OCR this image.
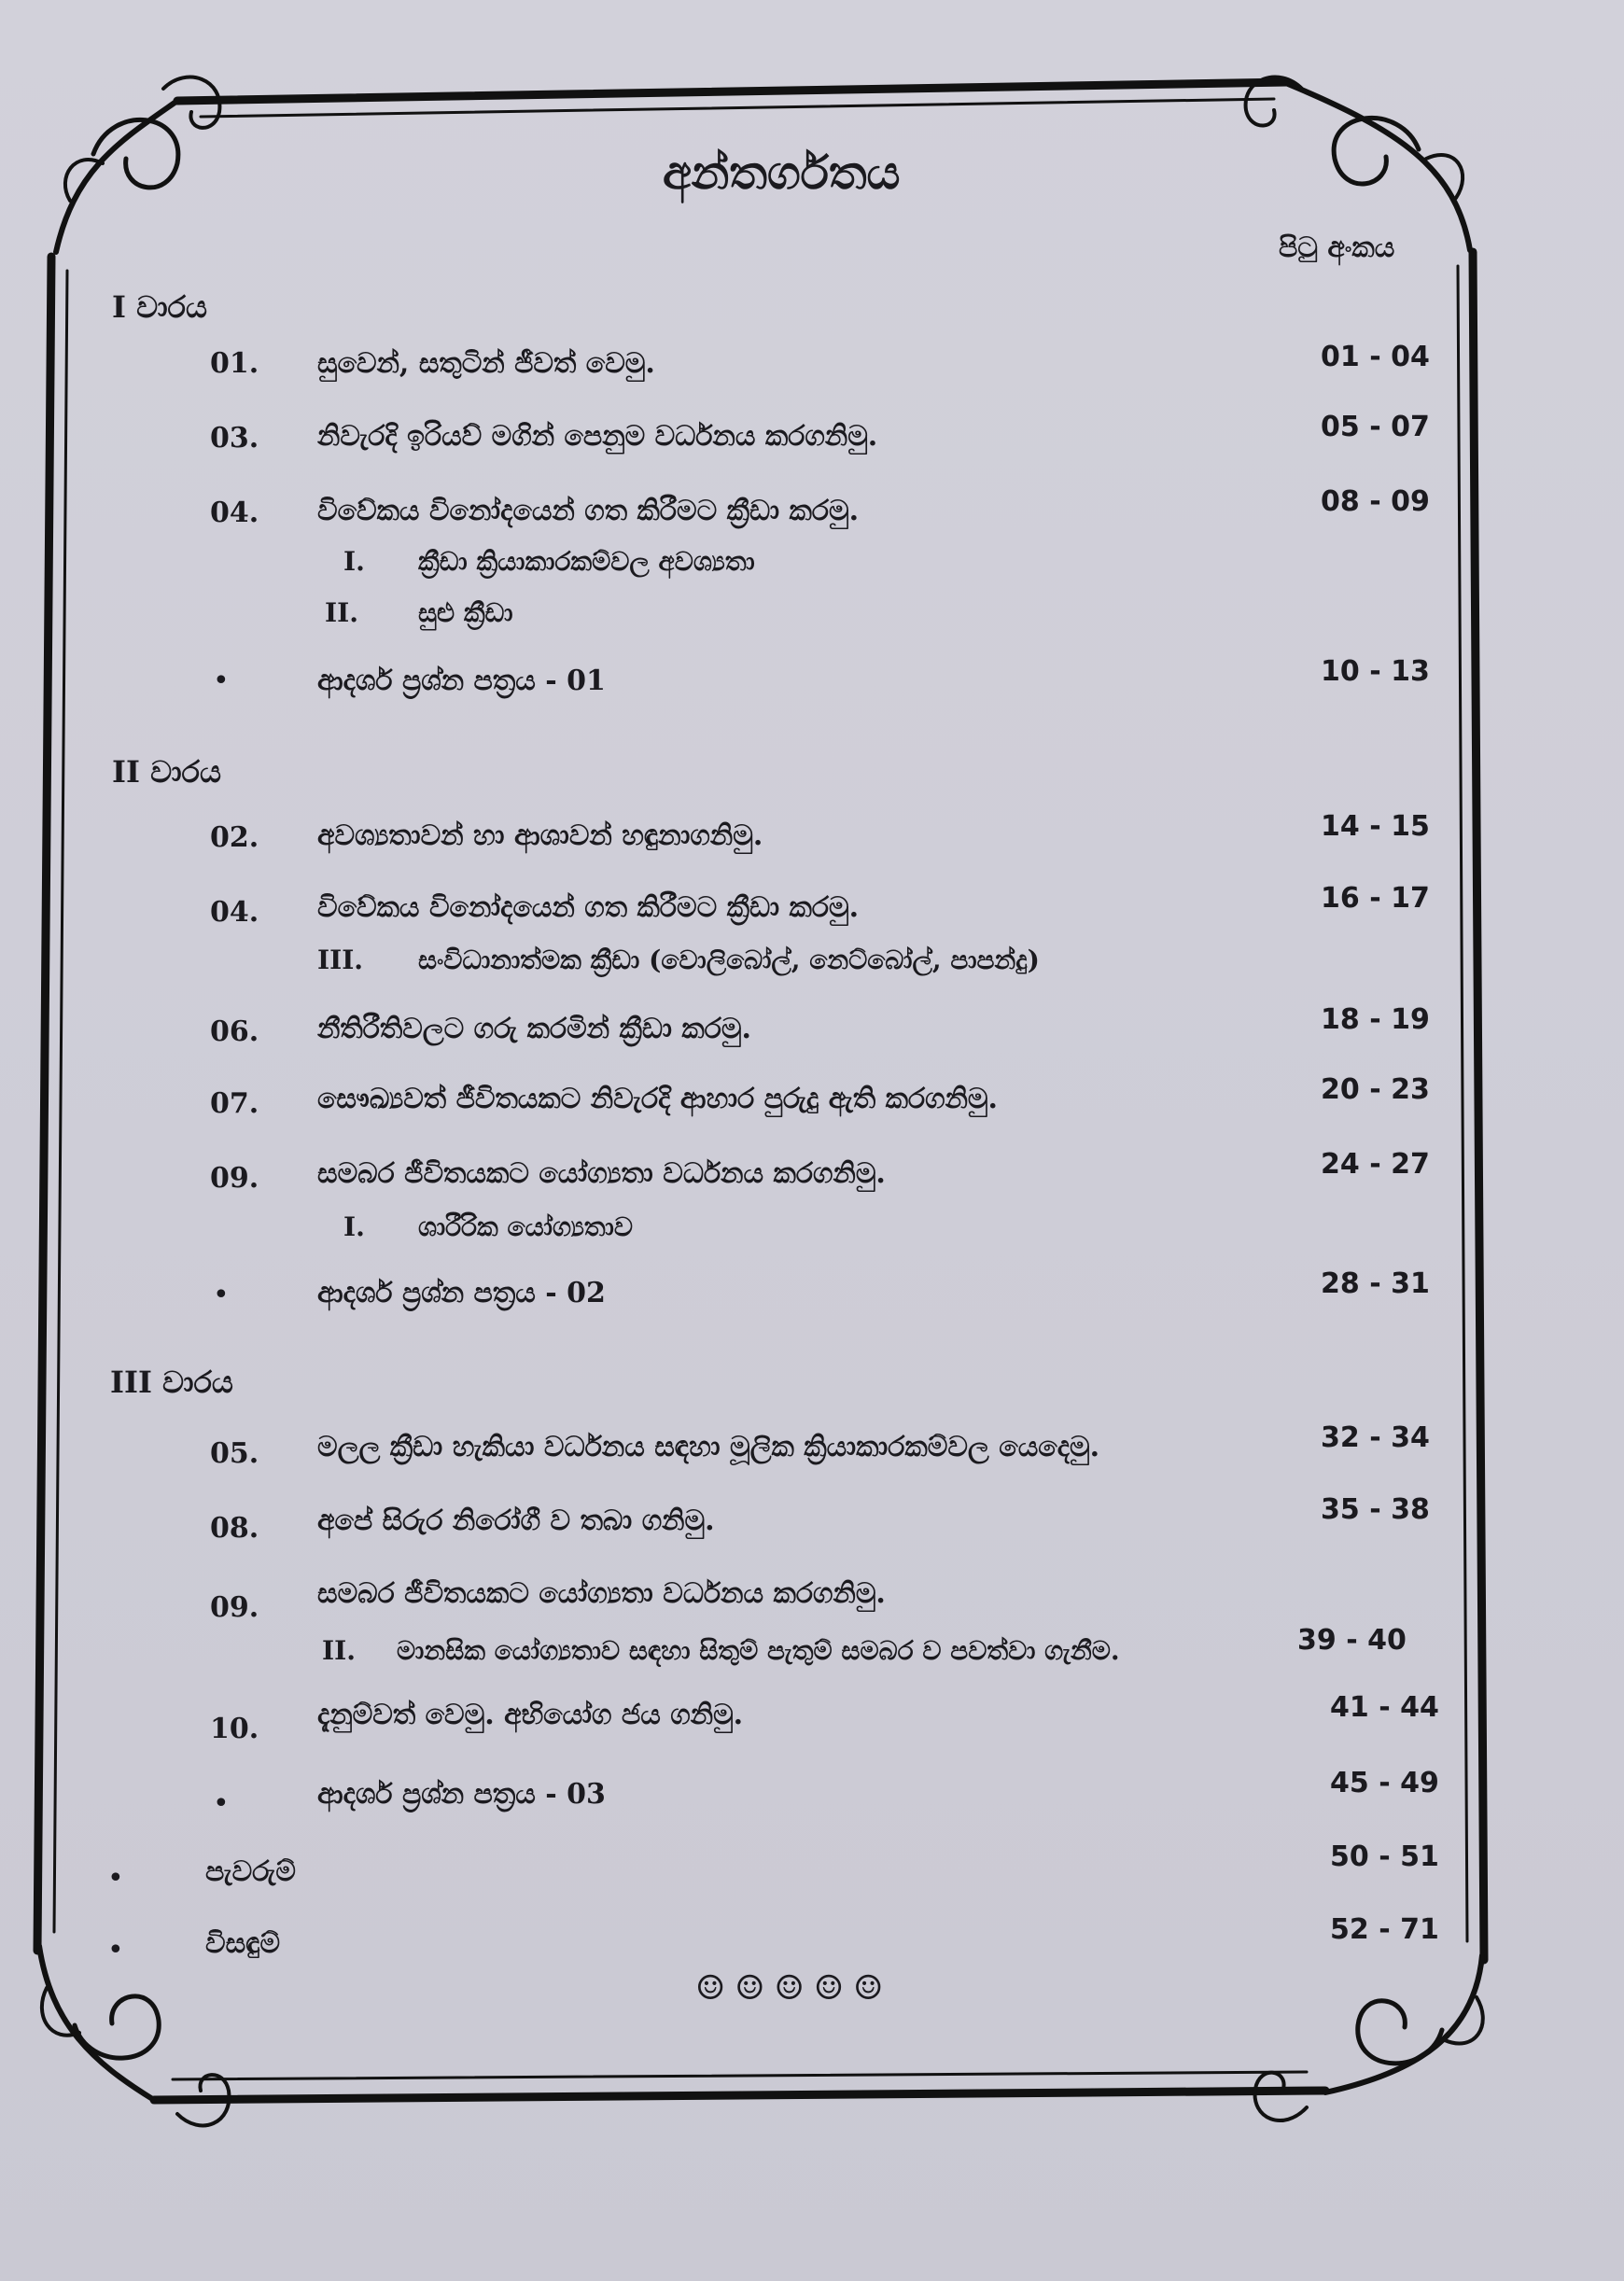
අන්තර්ගතය
පිටු අංකය
I වාරය
01. සුවෙන්, සතුටින් ජීවත් වෙමු.	01 - 04
03. නිවැරදි ඉරියව් මගින් පෙනුම වර්ධනය කරගනිමු.	05 - 07
04. විවේකය විනෝදයෙන් ගත කිරීමට ක්‍රීඩා කරමු.	08 - 09
I. ක්‍රීඩා ක්‍රියාකාරකම්වල අවශ්‍යතා
II. සුළු ක්‍රීඩා
•	ආදර්ශ ප්‍රශ්න පත්‍රය - 01	10 - 13
II වාරය
02. අවශ්‍යතාවන් හා ආශාවන් හඳුනාගනිමු.	14 - 15
04. විවේකය විනෝදයෙන් ගත කිරීමට ක්‍රීඩා කරමු.	16 - 17
III. සංවිධානාත්මක ක්‍රීඩා (වොලිබෝල්, නෙට්බෝල්, පාපන්දු)
06. නීතිරීතිවලට ගරු කරමින් ක්‍රීඩා කරමු.	18 - 19
07. සෞඛ්‍යවත් ජීවිතයකට නිවැරදි ආහාර පුරුදු ඇති කරගනිමු.	20 - 23
09. සමබර ජීවිතයකට යෝග්‍යතා වර්ධනය කරගනිමු.	24 - 27
I. ශාරීරික යෝග්‍යතාව
•	ආදර්ශ ප්‍රශ්න පත්‍රය - 02	28 - 31
III වාරය
05. මලල ක්‍රීඩා හැකියා වර්ධනය සඳහා මූලික ක්‍රියාකාරකම්වල යෙදෙමු.	32 - 34
08. අපේ සිරුර නිරෝගී ව තබා ගනිමු.	35 - 38
09. සමබර ජීවිතයකට යෝග්‍යතා වර්ධනය කරගනිමු.
II. මානසික යෝග්‍යතාව සඳහා සිතුම් පැතුම් සමබර ව පවත්වා ගැනීම.	39 - 40
10. දැනුම්වත් වෙමු. අභියෝග ජය ගනිමු.	41 - 44
•	ආදර්ශ ප්‍රශ්න පත්‍රය - 03	45 - 49
•	පැවරුම්	50 - 51
•	විසඳුම්	52 - 71
☺☺☺☺☺
